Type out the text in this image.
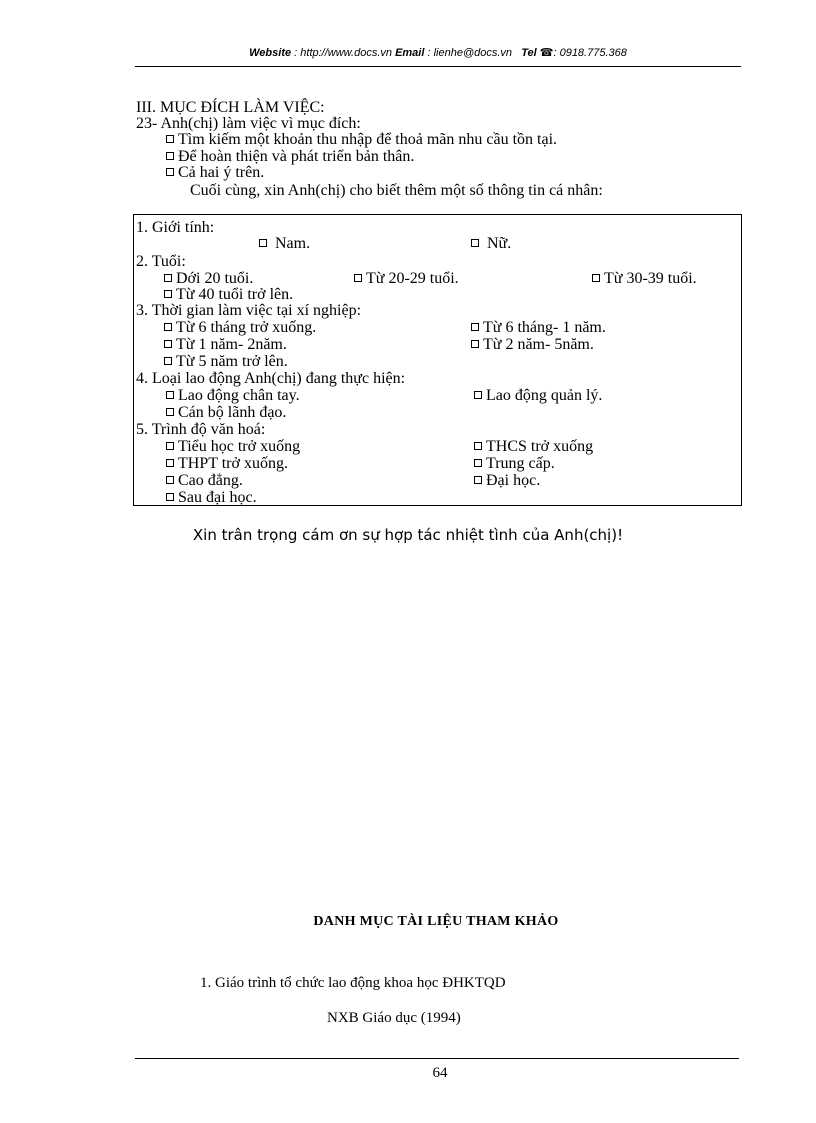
Website : http://www.docs.vn Email : lienhe@docs.vn Tel ☎: 0918.775.368
III. MỤC ĐÍCH LÀM VIỆC:
23- Anh(chị) làm việc vì mục đích:
Tìm kiếm một khoản thu nhập để thoả mãn nhu cầu tồn tại.
Để hoàn thiện và phát triển bản thân.
Cả hai ý trên.
Cuối cùng, xin Anh(chị) cho biết thêm một số thông tin cá nhân:
1. Giới tính:
Nam.	Nữ.
2. Tuổi:
Dới 20 tuổi.	Từ 20-29 tuổi.	Từ 30-39 tuổi.
Từ 40 tuổi trở lên.
3. Thời gian làm việc tại xí nghiệp:
Từ 6 tháng trở xuống.	Từ 6 tháng- 1 năm.
Từ 1 năm- 2năm.	Từ 2 năm- 5năm.
Từ 5 năm trở lên.
4. Loại lao động Anh(chị) đang thực hiện:
Lao động chân tay.	Lao động quản lý.
Cán bộ lãnh đạo.
5. Trình độ văn hoá:
Tiểu học trở xuống	THCS trở xuống
THPT trở xuống.	Trung cấp.
Cao đẳng.	Đại học.
Sau đại học.
Xin trân trọng cám ơn sự hợp tác nhiệt tình của Anh(chị)!
DANH MỤC TÀI LIỆU THAM KHẢO
1. Giáo trình tổ chức lao động khoa học ĐHKTQD
NXB Giáo dục (1994)
64
